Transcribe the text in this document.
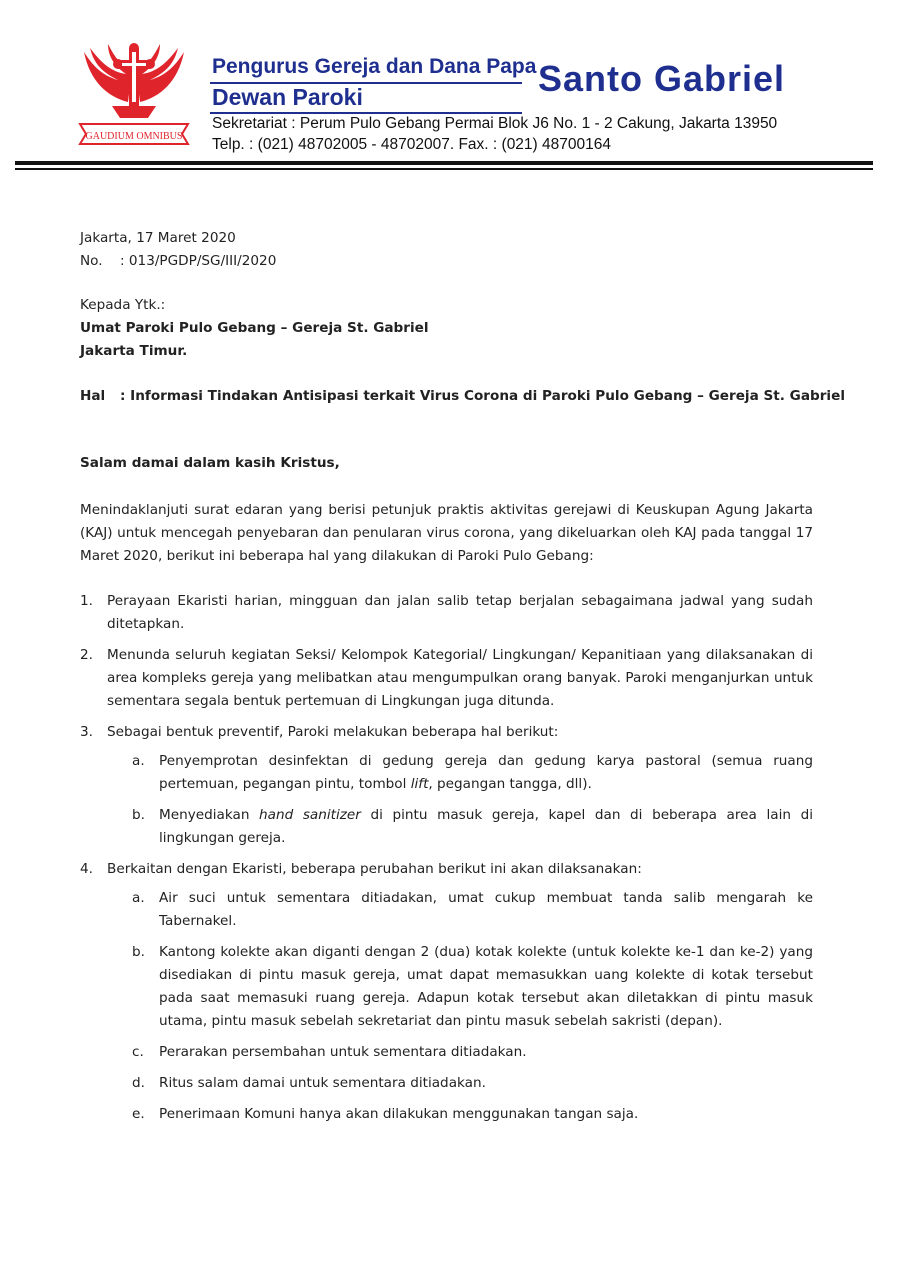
GAUDIUM OMNIBUS
Pengurus Gereja dan Dana Papa
Dewan Paroki	Santo Gabriel
Sekretariat : Perum Pulo Gebang Permai Blok J6 No. 1 - 2 Cakung, Jakarta 13950
Telp. : (021) 48702005 - 48702007. Fax. : (021) 48700164
Jakarta, 17 Maret 2020
No.	: 013/PGDP/SG/III/2020
Kepada Ytk.:
Umat Paroki Pulo Gebang – Gereja St. Gabriel
Jakarta Timur.
Hal	: Informasi Tindakan Antisipasi terkait Virus Corona di Paroki Pulo Gebang – Gereja St. Gabriel
Salam damai dalam kasih Kristus,
Menindaklanjuti surat edaran yang berisi petunjuk praktis aktivitas gerejawi di Keuskupan Agung Jakarta (KAJ) untuk mencegah penyebaran dan penularan virus corona, yang dikeluarkan oleh KAJ pada tanggal 17 Maret 2020, berikut ini beberapa hal yang dilakukan di Paroki Pulo Gebang:
1.	Perayaan Ekaristi harian, mingguan dan jalan salib tetap berjalan sebagaimana jadwal yang sudah ditetapkan.
2.	Menunda seluruh kegiatan Seksi/ Kelompok Kategorial/ Lingkungan/ Kepanitiaan yang dilaksanakan di area kompleks gereja yang melibatkan atau mengumpulkan orang banyak. Paroki menganjurkan untuk sementara segala bentuk pertemuan di Lingkungan juga ditunda.
3.	Sebagai bentuk preventif, Paroki melakukan beberapa hal berikut:
a.	Penyemprotan desinfektan di gedung gereja dan gedung karya pastoral (semua ruang pertemuan, pegangan pintu, tombol lift, pegangan tangga, dll).
b.	Menyediakan hand sanitizer di pintu masuk gereja, kapel dan di beberapa area lain di lingkungan gereja.
4.	Berkaitan dengan Ekaristi, beberapa perubahan berikut ini akan dilaksanakan:
a.	Air suci untuk sementara ditiadakan, umat cukup membuat tanda salib mengarah ke Tabernakel.
b.	Kantong kolekte akan diganti dengan 2 (dua) kotak kolekte (untuk kolekte ke-1 dan ke-2) yang disediakan di pintu masuk gereja, umat dapat memasukkan uang kolekte di kotak tersebut pada saat memasuki ruang gereja. Adapun kotak tersebut akan diletakkan di pintu masuk utama, pintu masuk sebelah sekretariat dan pintu masuk sebelah sakristi (depan).
c.	Perarakan persembahan untuk sementara ditiadakan.
d.	Ritus salam damai untuk sementara ditiadakan.
e.	Penerimaan Komuni hanya akan dilakukan menggunakan tangan saja.
